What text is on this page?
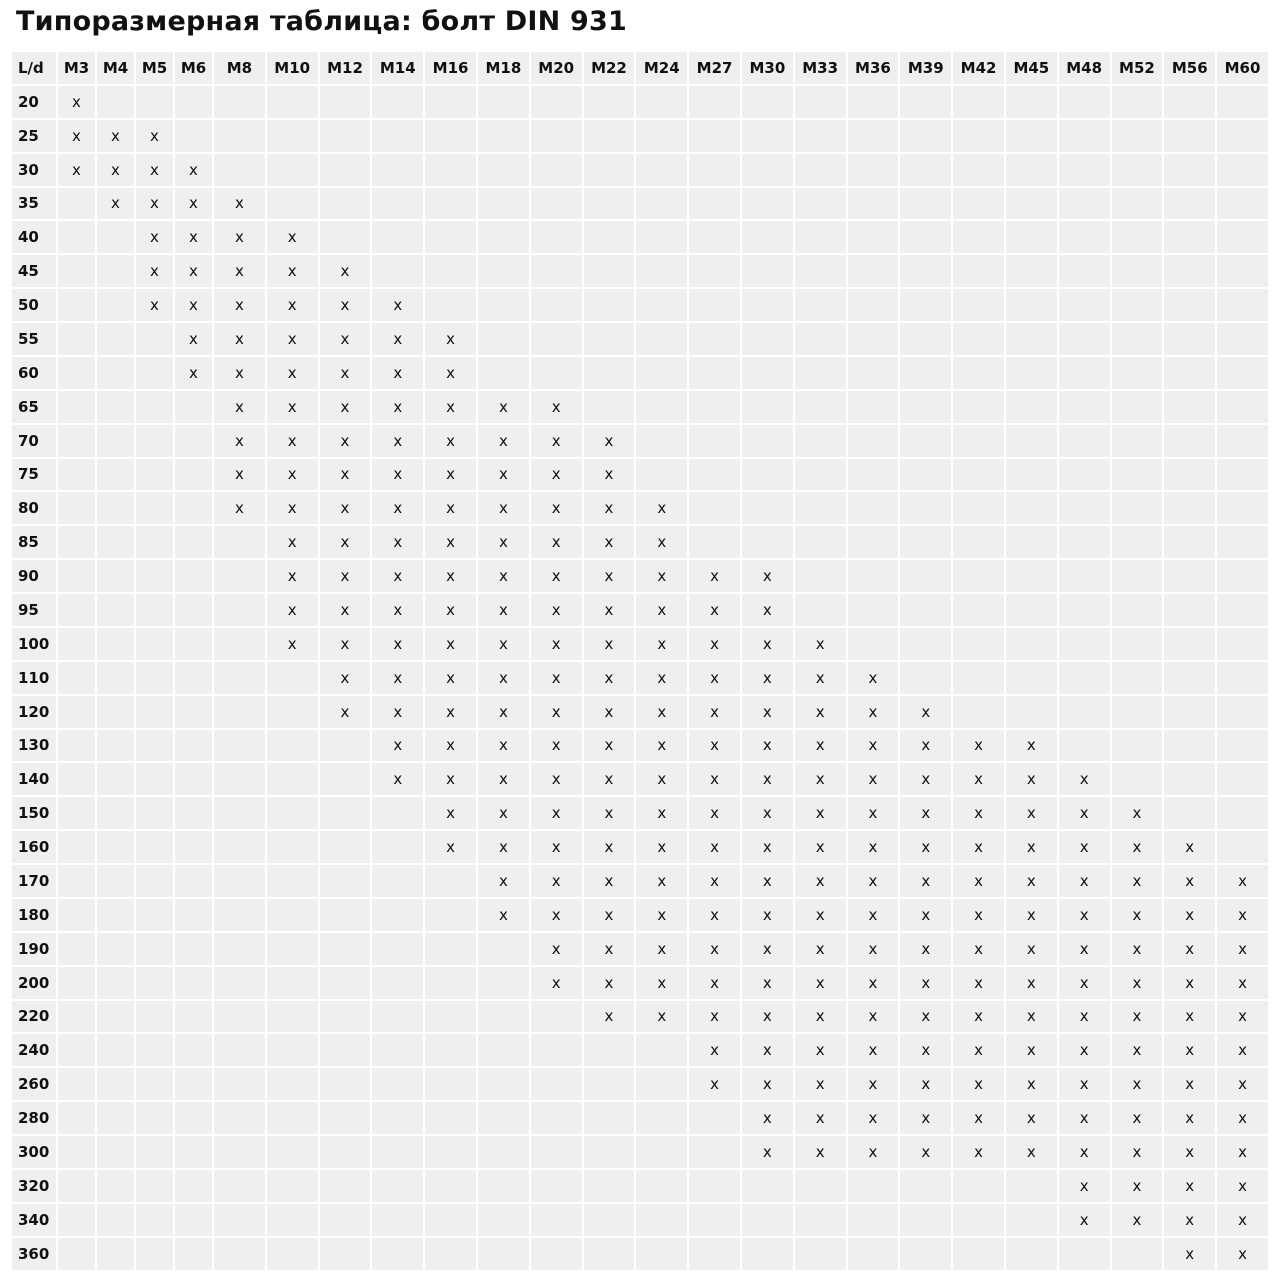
Типоразмерная таблица: болт DIN 931
L/d	M3	M4	M5	M6	M8	M10	M12	M14	M16	M18	M20	M22	M24	M27	M30	M33	M36	M39	M42	M45	M48	M52	M56	M60
20	x																							
25	x	x	x																					
30	x	x	x	x																				
35		x	x	x	x																			
40			x	x	x	x																		
45			x	x	x	x	x																	
50			x	x	x	x	x	x																
55				x	x	x	x	x	x															
60				x	x	x	x	x	x															
65					x	x	x	x	x	x	x													
70					x	x	x	x	x	x	x	x												
75					x	x	x	x	x	x	x	x												
80					x	x	x	x	x	x	x	x	x											
85						x	x	x	x	x	x	x	x											
90						x	x	x	x	x	x	x	x	x	x									
95						x	x	x	x	x	x	x	x	x	x									
100						x	x	x	x	x	x	x	x	x	x	x								
110							x	x	x	x	x	x	x	x	x	x	x							
120							x	x	x	x	x	x	x	x	x	x	x	x						
130								x	x	x	x	x	x	x	x	x	x	x	x	x				
140								x	x	x	x	x	x	x	x	x	x	x	x	x	x			
150									x	x	x	x	x	x	x	x	x	x	x	x	x	x		
160									x	x	x	x	x	x	x	x	x	x	x	x	x	x	x	
170										x	x	x	x	x	x	x	x	x	x	x	x	x	x	x
180										x	x	x	x	x	x	x	x	x	x	x	x	x	x	x
190											x	x	x	x	x	x	x	x	x	x	x	x	x	x
200											x	x	x	x	x	x	x	x	x	x	x	x	x	x
220												x	x	x	x	x	x	x	x	x	x	x	x	x
240														x	x	x	x	x	x	x	x	x	x	x
260														x	x	x	x	x	x	x	x	x	x	x
280															x	x	x	x	x	x	x	x	x	x
300															x	x	x	x	x	x	x	x	x	x
320																					x	x	x	x
340																					x	x	x	x
360																							x	x
